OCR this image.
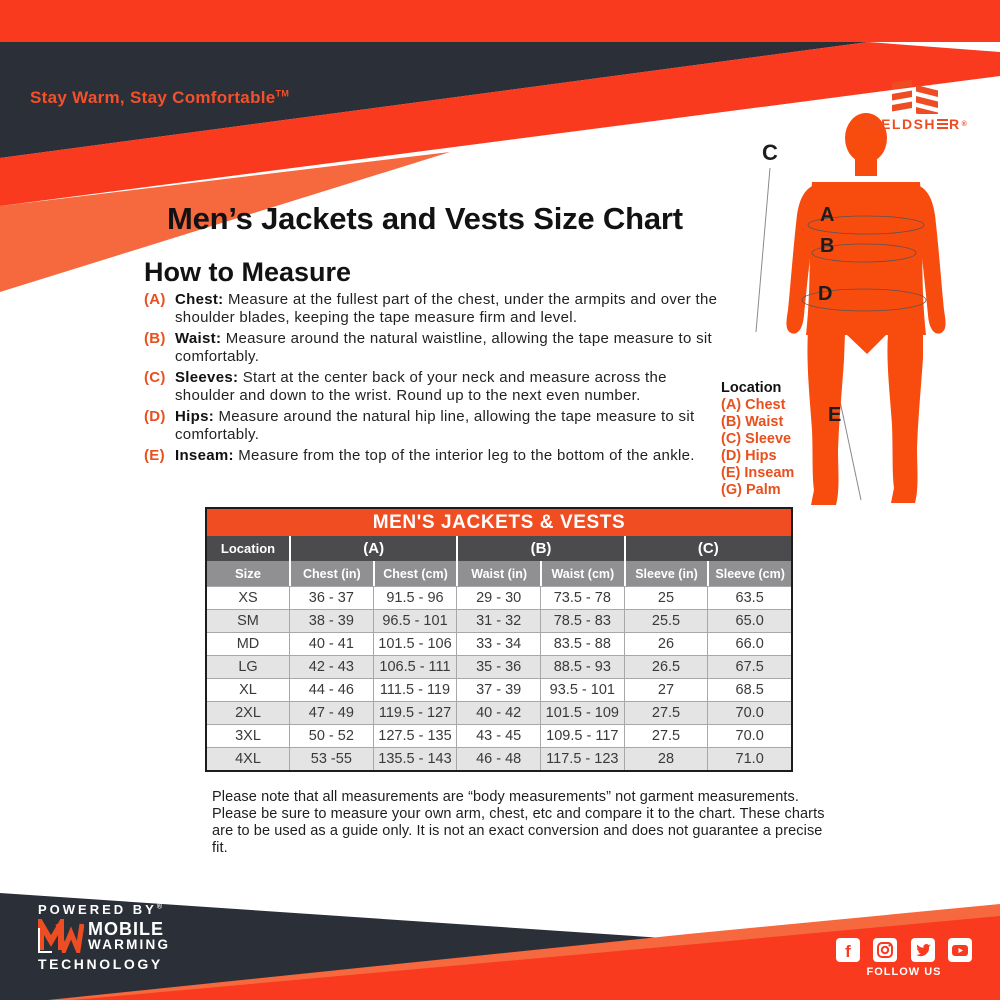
Stay Warm, Stay Comfortable™
FIELDSH R ®
Men’s Jackets and Vests Size Chart
How to Measure
(A) Chest: Measure at the fullest part of the chest, under the armpits and over the shoulder blades, keeping the tape measure firm and level.
(B) Waist: Measure around the natural waistline, allowing the tape measure to sit comfortably.
(C) Sleeves: Start at the center back of your neck and measure across the shoulder and down to the wrist. Round up to the next even number.
(D) Hips: Measure around the natural hip line, allowing the tape measure to sit comfortably.
(E) Inseam: Measure from the top of the interior leg to the bottom of the ankle.
C
A
B
D
E
Location
(A) Chest
(B) Waist
(C) Sleeve
(D) Hips
(E) Inseam
(G) Palm
MEN'S JACKETS & VESTS
Location	(A)	(B)	(C)
Size	Chest (in)	Chest (cm)	Waist (in)	Waist (cm)	Sleeve (in)	Sleeve (cm)
XS	36 - 37	91.5 - 96	29 - 30	73.5 - 78	25	63.5
SM	38 - 39	96.5 - 101	31 - 32	78.5 - 83	25.5	65.0
MD	40 - 41	101.5 - 106	33 - 34	83.5 - 88	26	66.0
LG	42 - 43	106.5 - 111	35 - 36	88.5 - 93	26.5	67.5
XL	44 - 46	111.5 - 119	37 - 39	93.5 - 101	27	68.5
2XL	47 - 49	119.5 - 127	40 - 42	101.5 - 109	27.5	70.0
3XL	50 - 52	127.5 - 135	43 - 45	109.5 - 117	27.5	70.0
4XL	53 -55	135.5 - 143	46 - 48	117.5 - 123	28	71.0
Please note that all measurements are “body measurements” not garment measurements. Please be sure to measure your own arm, chest, etc and compare it to the chart. These charts are to be used as a guide only. It is not an exact conversion and does not guarantee a precise fit.
POWERED BY®
MOBILE
WARMING
TECHNOLOGY
f
FOLLOW US
